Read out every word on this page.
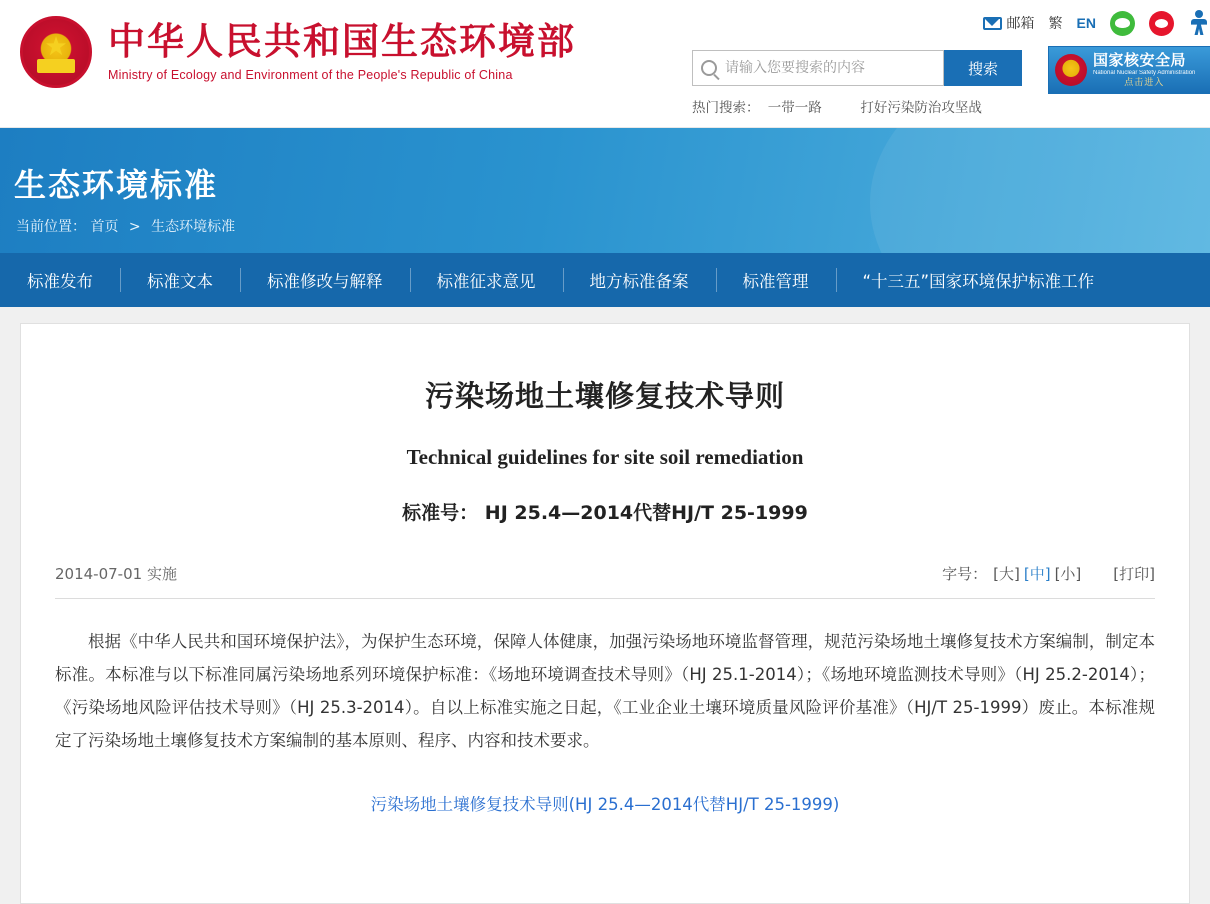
★
中华人民共和国生态环境部
Ministry of Ecology and Environment of the People's Republic of China
邮箱 繁 EN
请输入您要搜索的内容
搜索
热门搜索： 一带一路	打好污染防治攻坚战
国家核安全局
National Nuclear Safety Administration
点击进入
生态环境标准
当前位置： 首页 > 生态环境标准
标准发布	标准文本	标准修改与解释	标准征求意见	地方标准备案	标准管理	“十三五”国家环境保护标准工作
污染场地土壤修复技术导则
Technical guidelines for site soil remediation
标准号： HJ 25.4—2014代替HJ/T 25-1999
2014-07-01 实施	字号： [大] [中] [小] [打印]

根据《中华人民共和国环境保护法》，为保护生态环境，保障人体健康，加强污染场地环境监督管理，规范污染场地土壤修复技术方案编制，制定本标准。本标准与以下标准同属污染场地系列环境保护标准：《场地环境调查技术导则》（HJ 25.1-2014）；《场地环境监测技术导则》（HJ 25.2-2014）；《污染场地风险评估技术导则》（HJ 25.3-2014）。自以上标准实施之日起，《工业企业土壤环境质量风险评价基准》（HJ/T 25-1999）废止。本标准规定了污染场地土壤修复技术方案编制的基本原则、程序、内容和技术要求。

污染场地土壤修复技术导则(HJ 25.4—2014代替HJ/T 25-1999)
